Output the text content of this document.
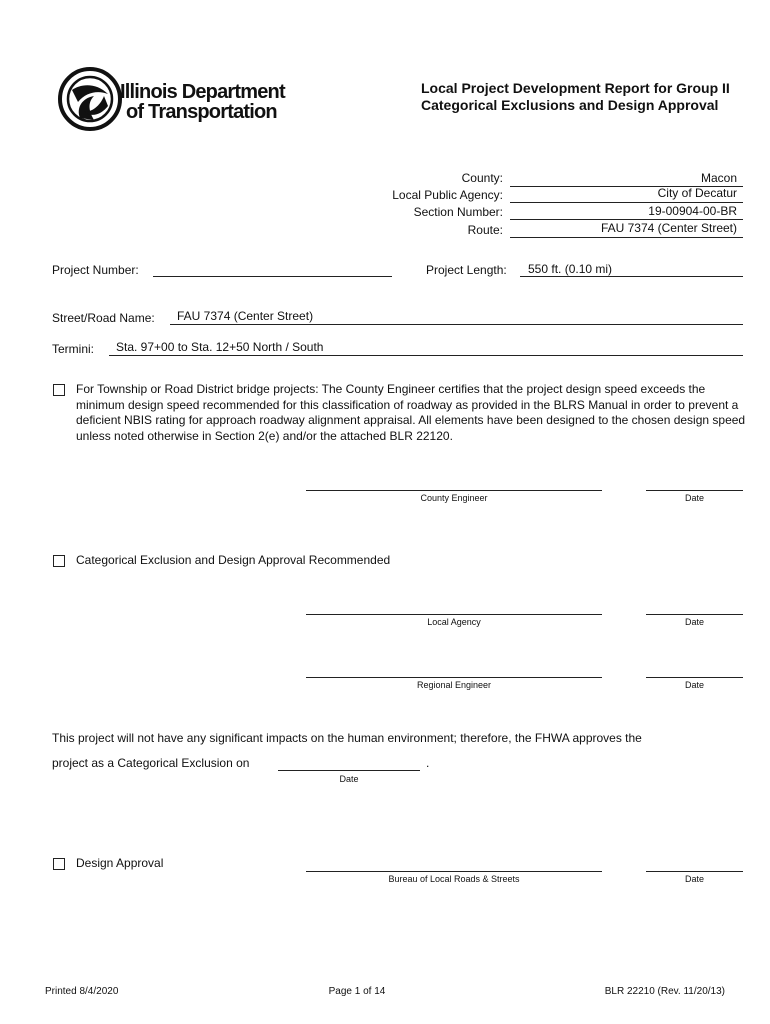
Illinois Department
of Transportation
Local Project Development Report for Group II Categorical Exclusions and Design Approval
County:	Macon
Local Public Agency:	City of Decatur
Section Number:	19-00904-00-BR
Route:	FAU 7374 (Center Street)
Project Number:	Project Length: 550 ft. (0.10 mi)
Street/Road Name: FAU 7374 (Center Street)
Termini: Sta. 97+00 to Sta. 12+50 North / South
For Township or Road District bridge projects: The County Engineer certifies that the project design speed exceeds the minimum design speed recommended for this classification of roadway as provided in the BLRS Manual in order to prevent a deficient NBIS rating for approach roadway alignment appraisal. All elements have been designed to the chosen design speed unless noted otherwise in Section 2(e) and/or the attached BLR 22120.
County Engineer	Date
Categorical Exclusion and Design Approval Recommended
Local Agency	Date
Regional Engineer	Date
This project will not have any significant impacts on the human environment; therefore, the FHWA approves the
project as a Categorical Exclusion on	.
Date
Design Approval
Bureau of Local Roads & Streets	Date
Printed 8/4/2020	Page 1 of 14	BLR 22210 (Rev. 11/20/13)
